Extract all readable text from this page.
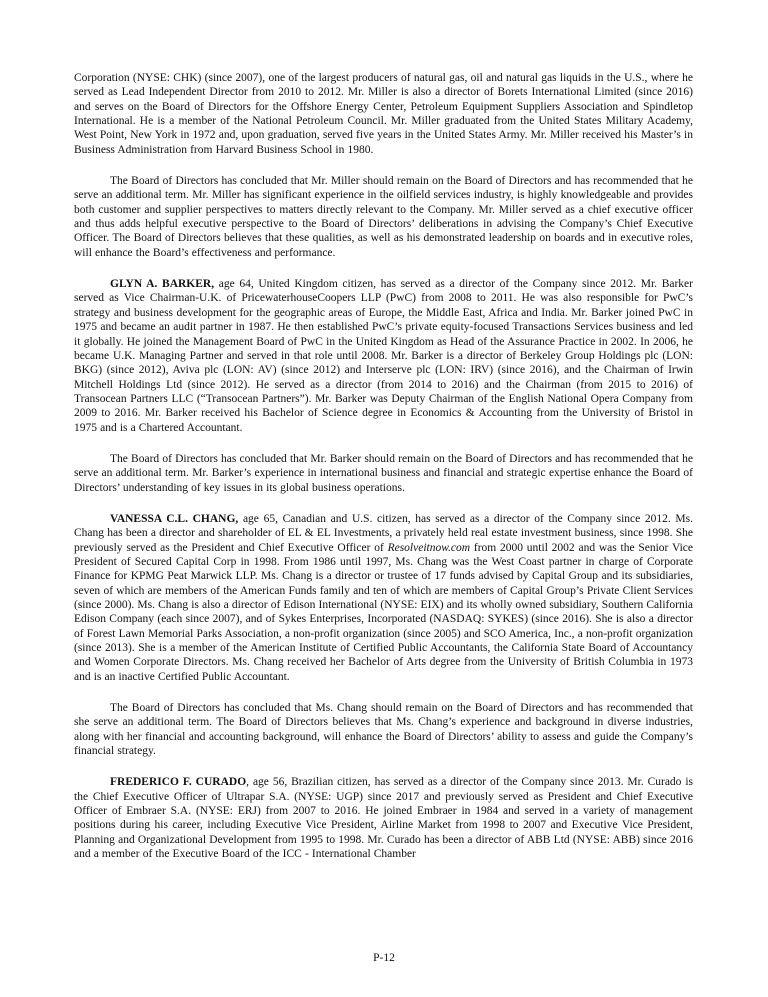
Corporation (NYSE: CHK) (since 2007), one of the largest producers of natural gas, oil and natural gas liquids in the U.S., where he served as Lead Independent Director from 2010 to 2012. Mr. Miller is also a director of Borets International Limited (since 2016) and serves on the Board of Directors for the Offshore Energy Center, Petroleum Equipment Suppliers Association and Spindletop International. He is a member of the National Petroleum Council. Mr. Miller graduated from the United States Military Academy, West Point, New York in 1972 and, upon graduation, served five years in the United States Army. Mr. Miller received his Master’s in Business Administration from Harvard Business School in 1980.

The Board of Directors has concluded that Mr. Miller should remain on the Board of Directors and has recommended that he serve an additional term. Mr. Miller has significant experience in the oilfield services industry, is highly knowledgeable and provides both customer and supplier perspectives to matters directly relevant to the Company. Mr. Miller served as a chief executive officer and thus adds helpful executive perspective to the Board of Directors’ deliberations in advising the Company’s Chief Executive Officer. The Board of Directors believes that these qualities, as well as his demonstrated leadership on boards and in executive roles, will enhance the Board’s effectiveness and performance.

GLYN A. BARKER, age 64, United Kingdom citizen, has served as a director of the Company since 2012. Mr. Barker served as Vice Chairman-U.K. of PricewaterhouseCoopers LLP (PwC) from 2008 to 2011. He was also responsible for PwC’s strategy and business development for the geographic areas of Europe, the Middle East, Africa and India. Mr. Barker joined PwC in 1975 and became an audit partner in 1987. He then established PwC’s private equity-focused Transactions Services business and led it globally. He joined the Management Board of PwC in the United Kingdom as Head of the Assurance Practice in 2002. In 2006, he became U.K. Managing Partner and served in that role until 2008. Mr. Barker is a director of Berkeley Group Holdings plc (LON: BKG) (since 2012), Aviva plc (LON: AV) (since 2012) and Interserve plc (LON: IRV) (since 2016), and the Chairman of Irwin Mitchell Holdings Ltd (since 2012). He served as a director (from 2014 to 2016) and the Chairman (from 2015 to 2016) of Transocean Partners LLC (“Transocean Partners”). Mr. Barker was Deputy Chairman of the English National Opera Company from 2009 to 2016. Mr. Barker received his Bachelor of Science degree in Economics & Accounting from the University of Bristol in 1975 and is a Chartered Accountant.

The Board of Directors has concluded that Mr. Barker should remain on the Board of Directors and has recommended that he serve an additional term. Mr. Barker’s experience in international business and financial and strategic expertise enhance the Board of Directors’ understanding of key issues in its global business operations.

VANESSA C.L. CHANG, age 65, Canadian and U.S. citizen, has served as a director of the Company since 2012. Ms. Chang has been a director and shareholder of EL & EL Investments, a privately held real estate investment business, since 1998. She previously served as the President and Chief Executive Officer of Resolveitnow.com from 2000 until 2002 and was the Senior Vice President of Secured Capital Corp in 1998. From 1986 until 1997, Ms. Chang was the West Coast partner in charge of Corporate Finance for KPMG Peat Marwick LLP. Ms. Chang is a director or trustee of 17 funds advised by Capital Group and its subsidiaries, seven of which are members of the American Funds family and ten of which are members of Capital Group’s Private Client Services (since 2000). Ms. Chang is also a director of Edison International (NYSE: EIX) and its wholly owned subsidiary, Southern California Edison Company (each since 2007), and of Sykes Enterprises, Incorporated (NASDAQ: SYKES) (since 2016). She is also a director of Forest Lawn Memorial Parks Association, a non-profit organization (since 2005) and SCO America, Inc., a non-profit organization (since 2013). She is a member of the American Institute of Certified Public Accountants, the California State Board of Accountancy and Women Corporate Directors. Ms. Chang received her Bachelor of Arts degree from the University of British Columbia in 1973 and is an inactive Certified Public Accountant.

The Board of Directors has concluded that Ms. Chang should remain on the Board of Directors and has recommended that she serve an additional term. The Board of Directors believes that Ms. Chang’s experience and background in diverse industries, along with her financial and accounting background, will enhance the Board of Directors’ ability to assess and guide the Company’s financial strategy.

FREDERICO F. CURADO, age 56, Brazilian citizen, has served as a director of the Company since 2013. Mr. Curado is the Chief Executive Officer of Ultrapar S.A. (NYSE: UGP) since 2017 and previously served as President and Chief Executive Officer of Embraer S.A. (NYSE: ERJ) from 2007 to 2016. He joined Embraer in 1984 and served in a variety of management positions during his career, including Executive Vice President, Airline Market from 1998 to 2007 and Executive Vice President, Planning and Organizational Development from 1995 to 1998. Mr. Curado has been a director of ABB Ltd (NYSE: ABB) since 2016 and a member of the Executive Board of the ICC - International Chamber

P-12
